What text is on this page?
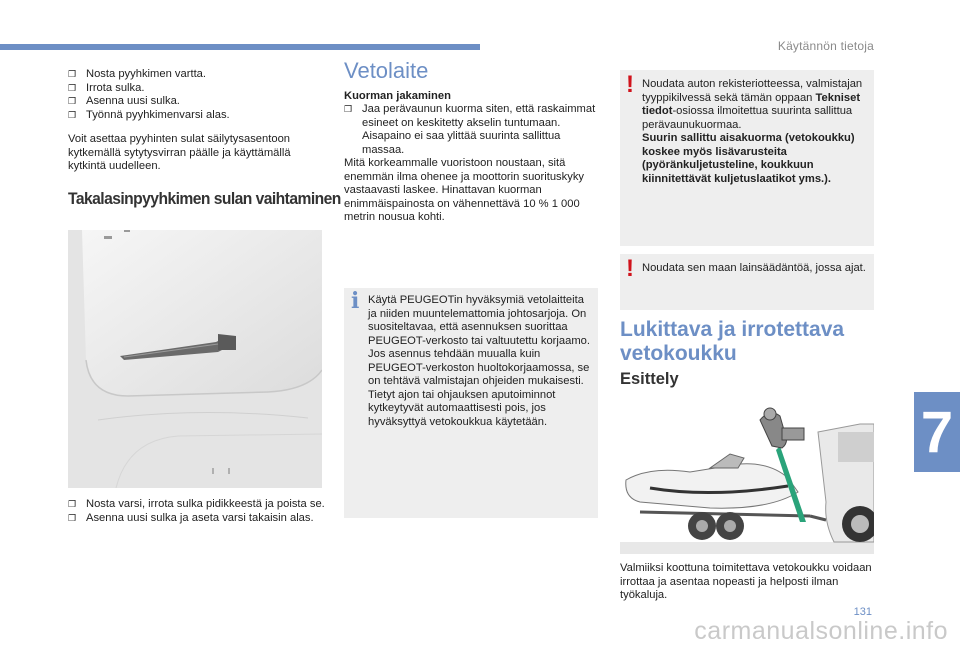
Käytännön tietoja
7
131
carmanualsonline.info
❒ Nosta pyyhkimen vartta.
❒ Irrota sulka.
❒ Asenna uusi sulka.
❒ Työnnä pyyhkimenvarsi alas.

Voit asettaa pyyhinten sulat säilytysasentoon kytkemällä sytytysvirran päälle ja käyttämällä kytkintä uudelleen.

Takalasinpyyhkimen sulan vaihtaminen
❒ Nosta varsi, irrota sulka pidikkeestä ja poista se.
❒ Asenna uusi sulka ja aseta varsi takaisin alas.
Vetolaite
Kuorman jakaminen
❒ Jaa perävaunun kuorma siten, että raskaimmat esineet on keskitetty akselin tuntumaan. Aisapaino ei saa ylittää suurinta sallittua massaa.

Mitä korkeammalle vuoristoon noustaan, sitä enemmän ilma ohenee ja moottorin suorituskyky vastaavasti laskee. Hinattavan kuorman enimmäispainosta on vähennettävä 10 % 1 000 metrin nousua kohti.

i Käytä PEUGEOTin hyväksymiä vetolaitteita ja niiden muuntelemattomia johtosarjoja. On suositeltavaa, että asennuksen suorittaa PEUGEOT-verkosto tai valtuutettu korjaamo.

Jos asennus tehdään muualla kuin PEUGEOT-verkoston huoltokorjaamossa, se on tehtävä valmistajan ohjeiden mukaisesti.

Tietyt ajon tai ohjauksen aputoiminnot kytkeytyvät automaattisesti pois, jos hyväksyttyä vetokoukkua käytetään.

! Noudata auton rekisteriotteessa, valmistajan tyyppikilvessä sekä tämän oppaan Tekniset tiedot-osiossa ilmoitettua suurinta sallittua perävaunukuormaa.

Suurin sallittu aisakuorma (vetokoukku) koskee myös lisävarusteita (pyöränkuljetusteline, koukkuun kiinnitettävät kuljetuslaatikot yms.).

! Noudata sen maan lainsäädäntöä, jossa ajat.

Lukittava ja irrotettava vetokoukku
Esittely

Valmiiksi koottuna toimitettava vetokoukku voidaan irrottaa ja asentaa nopeasti ja helposti ilman työkaluja.
